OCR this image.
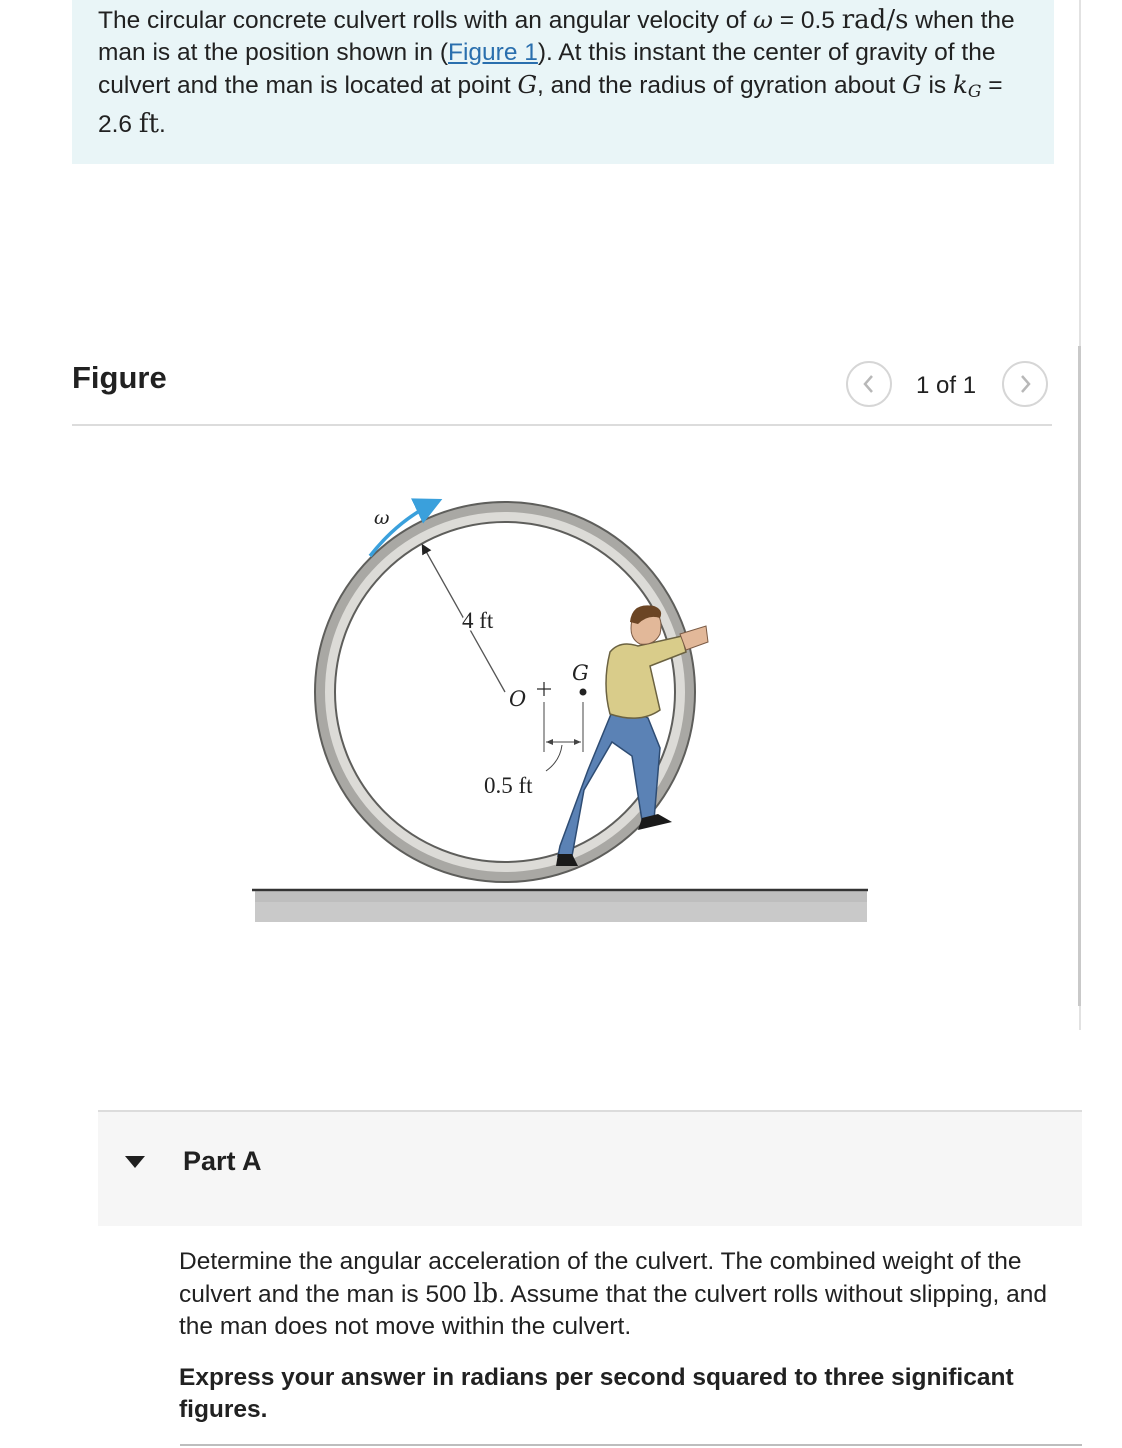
The circular concrete culvert rolls with an angular velocity of ω = 0.5 rad/s when the man is at the position shown in (Figure 1). At this instant the center of gravity of the culvert and the man is located at point G, and the radius of gyration about G is $k_G = 2.6$ ft.

Figure	1 of 1
ω
4 ft
O
G
0.5 ft
Part A

Determine the angular acceleration of the culvert. The combined weight of the culvert and the man is 500 lb. Assume that the culvert rolls without slipping, and the man does not move within the culvert.

Express your answer in radians per second squared to three significant figures.
